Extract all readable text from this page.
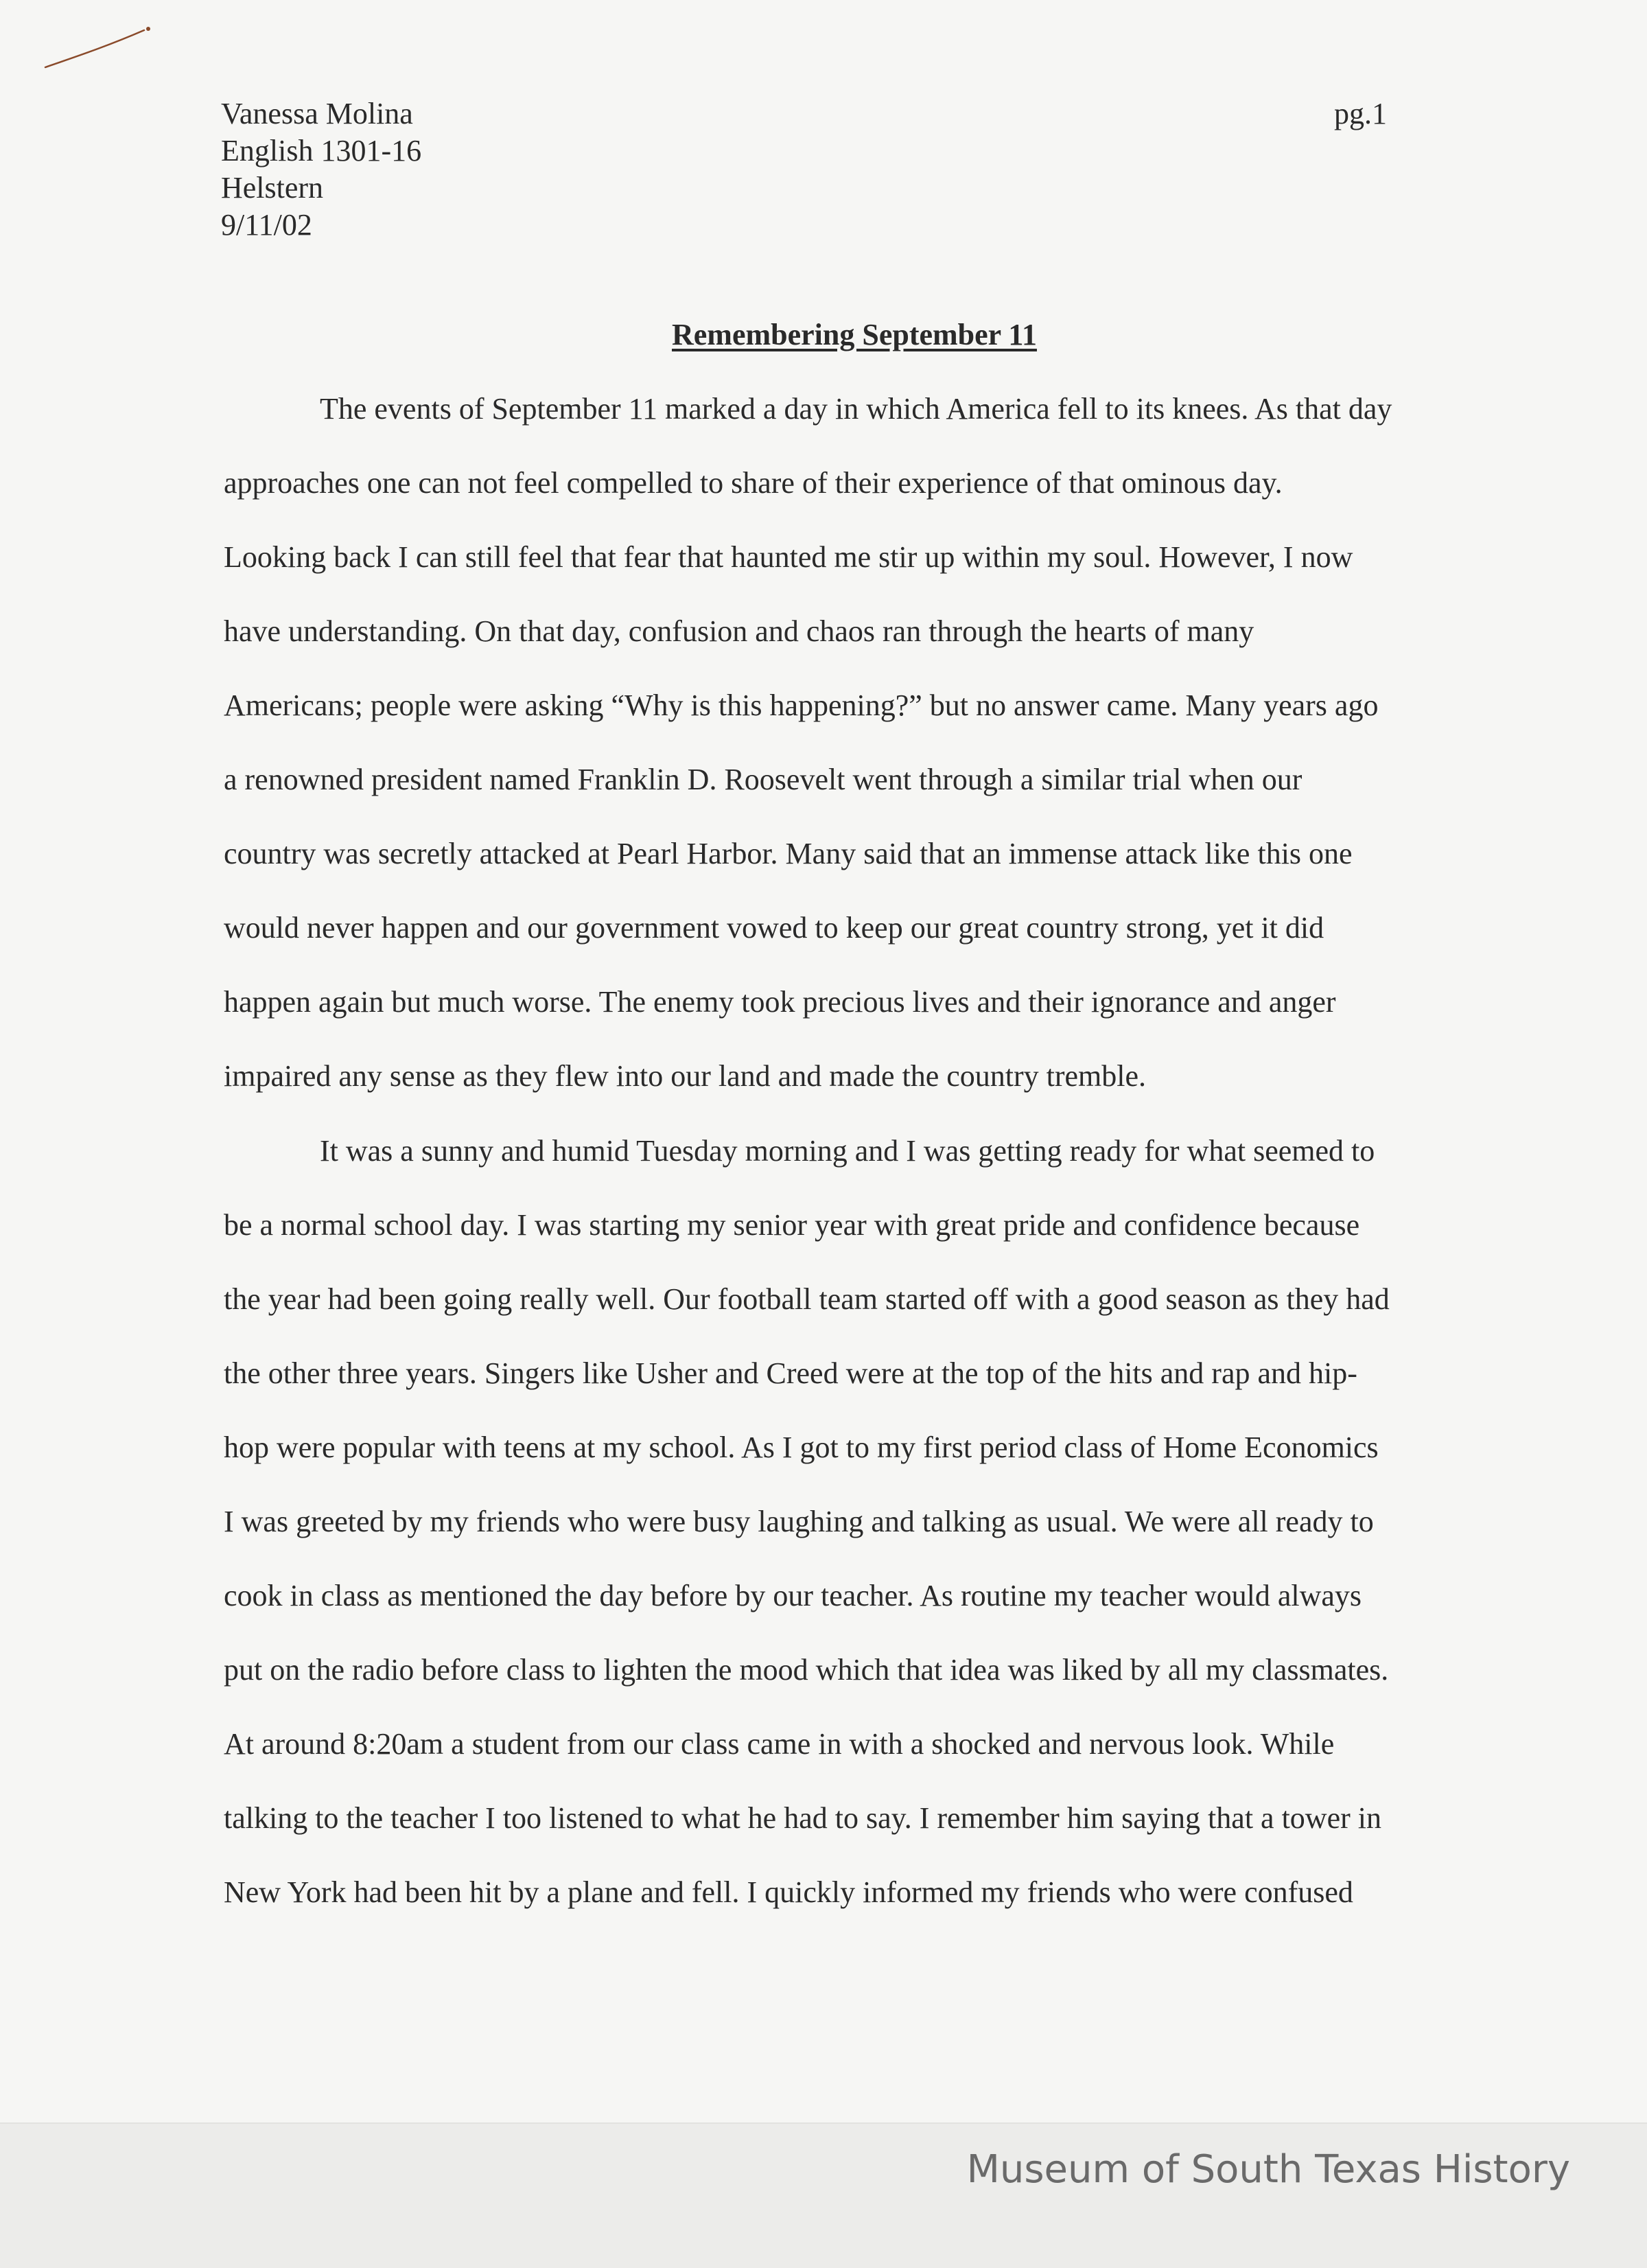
Vanessa Molina
English 1301-16
Helstern
9/11/02
pg.1
Remembering September 11
The events of September 11 marked a day in which America fell to its knees. As that day
approaches one can not feel compelled to share of their experience of that ominous day.
Looking back I can still feel that fear that haunted me stir up within my soul. However, I now
have understanding. On that day, confusion and chaos ran through the hearts of many
Americans; people were asking “Why is this happening?” but no answer came. Many years ago
a renowned president named Franklin D. Roosevelt went through a similar trial when our
country was secretly attacked at Pearl Harbor. Many said that an immense attack like this one
would never happen and our government vowed to keep our great country strong, yet it did
happen again but much worse. The enemy took precious lives and their ignorance and anger
impaired any sense as they flew into our land and made the country tremble.
It was a sunny and humid Tuesday morning and I was getting ready for what seemed to
be a normal school day. I was starting my senior year with great pride and confidence because
the year had been going really well. Our football team started off with a good season as they had
the other three years. Singers like Usher and Creed were at the top of the hits and rap and hip-
hop were popular with teens at my school. As I got to my first period class of Home Economics
I was greeted by my friends who were busy laughing and talking as usual. We were all ready to
cook in class as mentioned the day before by our teacher. As routine my teacher would always
put on the radio before class to lighten the mood which that idea was liked by all my classmates.
At around 8:20am a student from our class came in with a shocked and nervous look. While
talking to the teacher I too listened to what he had to say. I remember him saying that a tower in
New York had been hit by a plane and fell. I quickly informed my friends who were confused
Museum of South Texas History
